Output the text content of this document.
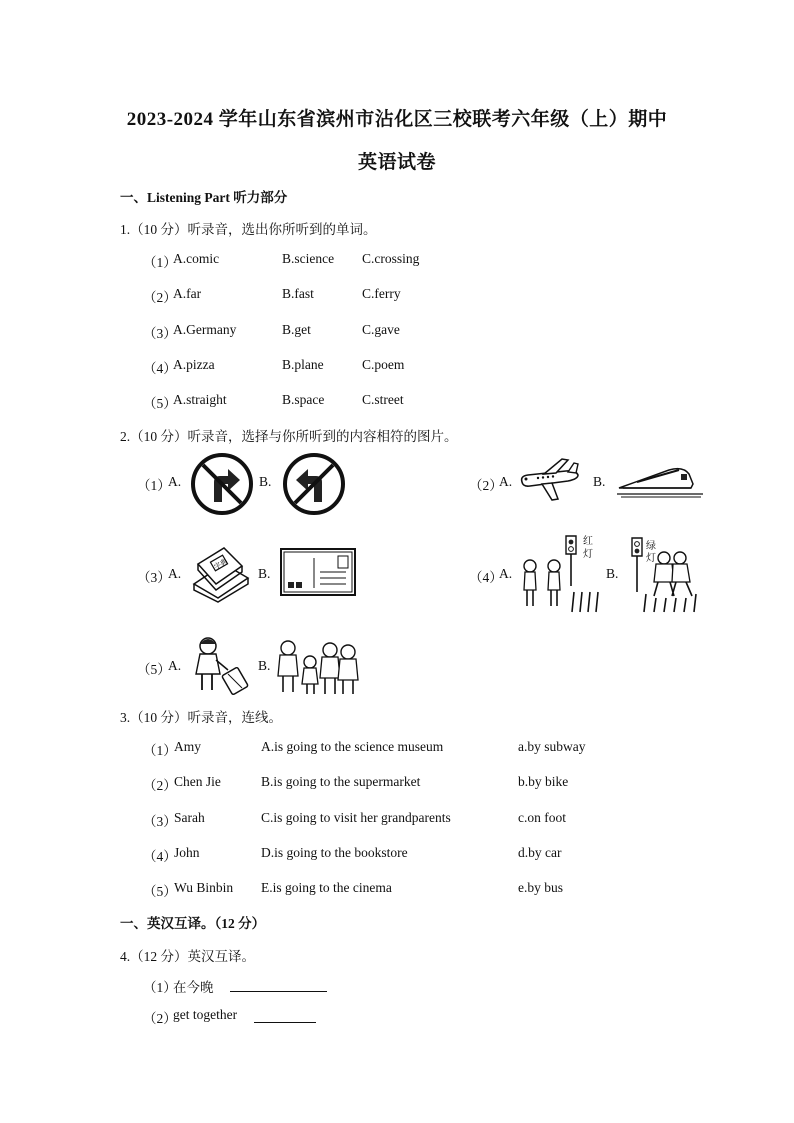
2023-2024 学年山东省滨州市沾化区三校联考六年级（上）期中
英语试卷
一、Listening Part 听力部分
1.（10 分）听录音，选出你所听到的单词。
（1）
A.comic	B.science C.crossing
（2）
A.far	B.fast	C.ferry
（3）
A.Germany	B.get	C.gave
（4）
A.pizza	B.plane	C.poem
（5）
A.straight	B.space	C.street
2.（10 分）听录音，选择与你所听到的内容相符的图片。
（1）
A.	B.	（2）
A.	B.
（3）
A.
字典
B.	（4）
A.
红
灯
B.
绿
灯
（5）
A.	B.
3.（10 分）听录音，连线。
（1）
Amy	A.is going to the science museum	a.by subway
（2）
Chen Jie	B.is going to the supermarket	b.by bike
（3）
Sarah	C.is going to visit her grandparents	c.on foot
（4）
John	D.is going to the bookstore	d.by car
（5）
Wu Binbin E.is going to the cinema	e.by bus
一、英汉互译。（12 分）
4.（12 分）英汉互译。
（1）
在今晚
（2）
get together
